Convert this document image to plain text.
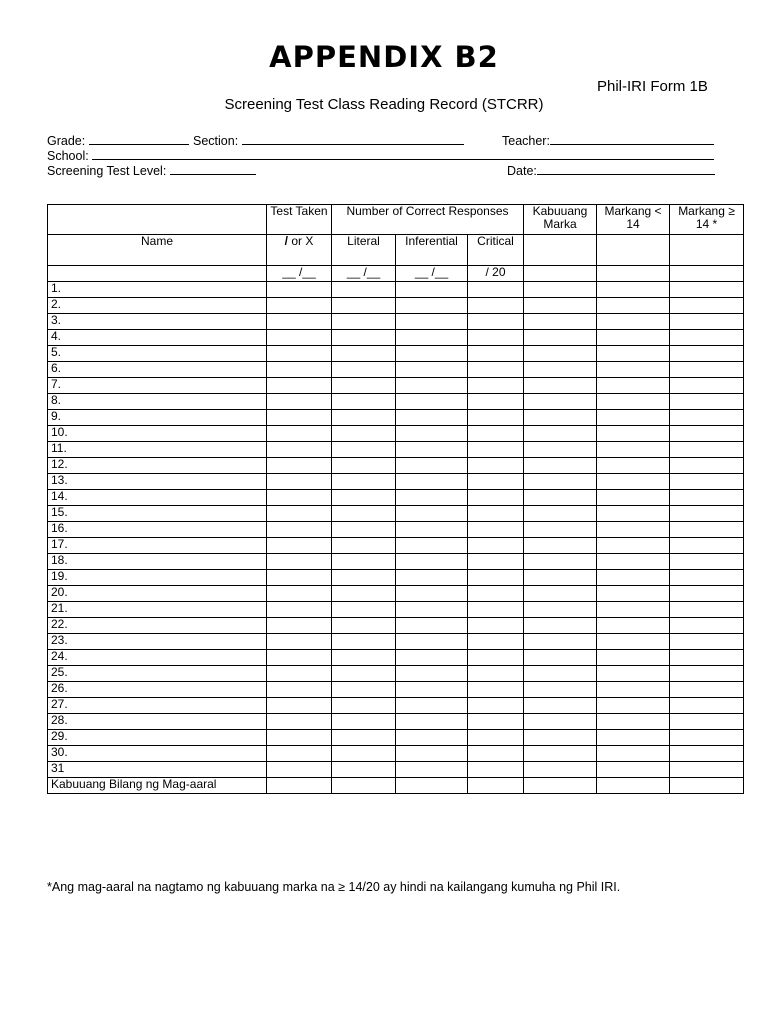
APPENDIX B2
Phil-IRI Form 1B
Screening Test Class Reading Record (STCRR)
Grade:	Section:	Teacher:
School:
Screening Test Level:	Date:
	Test Taken	Number of Correct Responses			Kabuuang Marka	Markang < 14	Markang ≥ 14 *
Name	/ or X	Literal	Inferential	Critical			
	__ /__	__ /__	__ /__	/ 20			
1.							
2.							
3.							
4.							
5.							
6.							
7.							
8.							
9.							
10.							
11.							
12.							
13.							
14.							
15.							
16.							
17.							
18.							
19.							
20.							
21.							
22.							
23.							
24.							
25.							
26.							
27.							
28.							
29.							
30.							
31							
Kabuuang Bilang ng Mag-aaral							
*Ang mag-aaral na nagtamo ng kabuuang marka na ≥ 14/20 ay hindi na kailangang kumuha ng Phil IRI.
